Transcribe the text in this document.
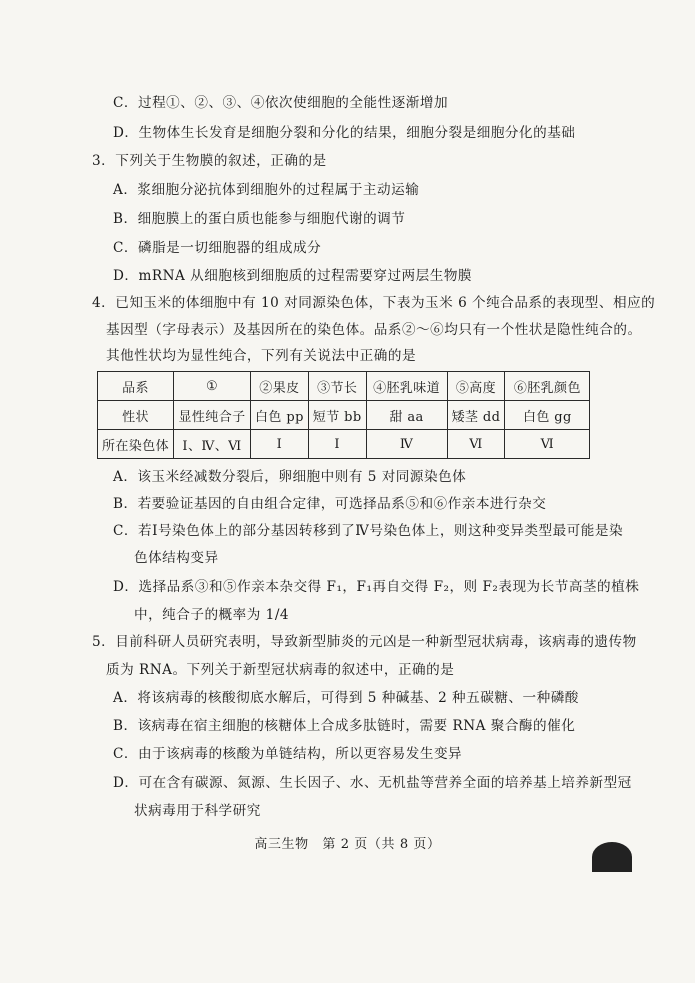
C．过程①、②、③、④依次使细胞的全能性逐渐增加
D．生物体生长发育是细胞分裂和分化的结果，细胞分裂是细胞分化的基础
3．下列关于生物膜的叙述，正确的是
A．浆细胞分泌抗体到细胞外的过程属于主动运输
B．细胞膜上的蛋白质也能参与细胞代谢的调节
C．磷脂是一切细胞器的组成成分
D．mRNA 从细胞核到细胞质的过程需要穿过两层生物膜
4．已知玉米的体细胞中有 10 对同源染色体，下表为玉米 6 个纯合品系的表现型、相应的
基因型（字母表示）及基因所在的染色体。品系②～⑥均只有一个性状是隐性纯合的。
其他性状均为显性纯合，下列有关说法中正确的是
品系	①	②果皮	③节长	④胚乳味道	⑤高度	⑥胚乳颜色
性状	显性纯合子	白色 pp	短节 bb	甜 aa	矮茎 dd	白色 gg
所在染色体	Ⅰ、Ⅳ、Ⅵ	Ⅰ	Ⅰ	Ⅳ	Ⅵ	Ⅵ
A．该玉米经减数分裂后，卵细胞中则有 5 对同源染色体
B．若要验证基因的自由组合定律，可选择品系⑤和⑥作亲本进行杂交
C．若Ⅰ号染色体上的部分基因转移到了Ⅳ号染色体上，则这种变异类型最可能是染
色体结构变异
D．选择品系③和⑤作亲本杂交得 F₁，F₁再自交得 F₂，则 F₂表现为长节高茎的植株
中，纯合子的概率为 1/4
5．目前科研人员研究表明，导致新型肺炎的元凶是一种新型冠状病毒，该病毒的遗传物
质为 RNA。下列关于新型冠状病毒的叙述中，正确的是
A．将该病毒的核酸彻底水解后，可得到 5 种碱基、2 种五碳糖、一种磷酸
B．该病毒在宿主细胞的核糖体上合成多肽链时，需要 RNA 聚合酶的催化
C．由于该病毒的核酸为单链结构，所以更容易发生变异
D．可在含有碳源、氮源、生长因子、水、无机盐等营养全面的培养基上培养新型冠
状病毒用于科学研究
高三生物　第 2 页（共 8 页）
